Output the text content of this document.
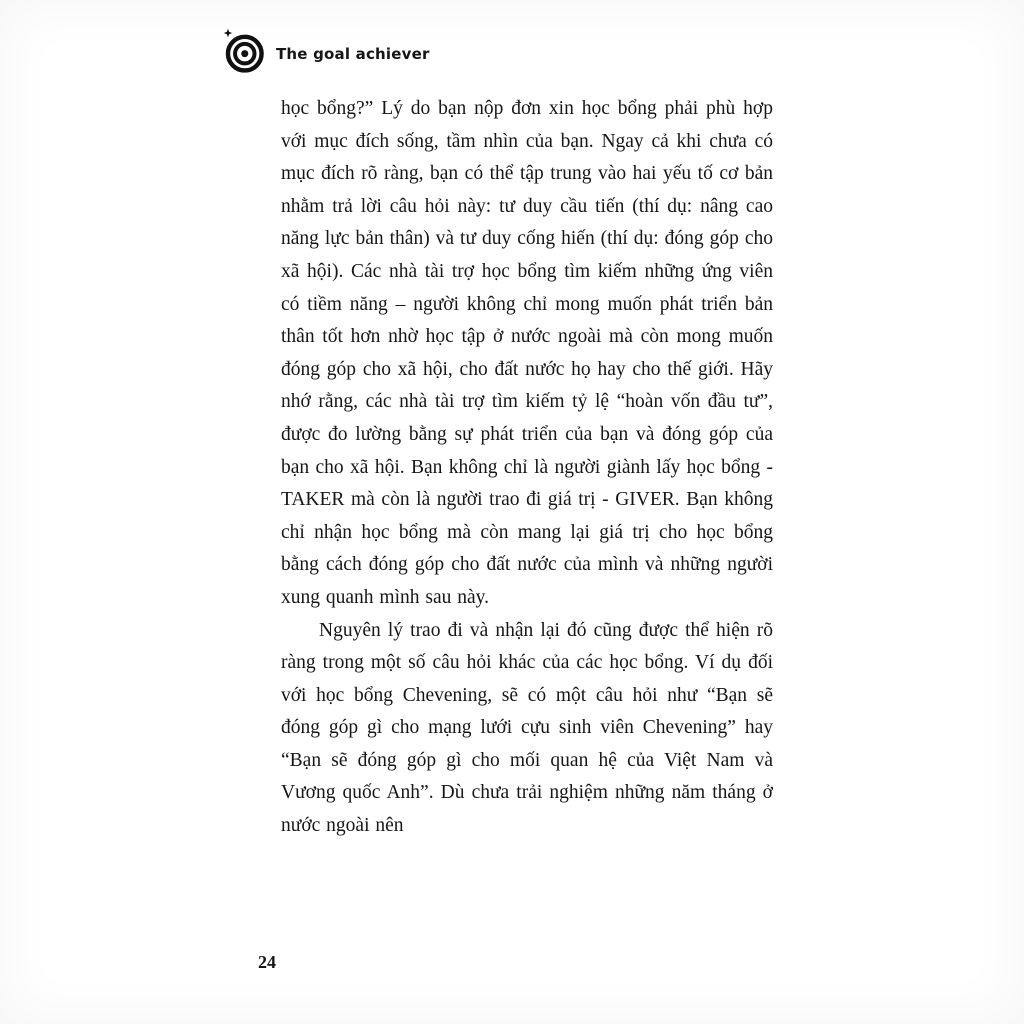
The goal achiever

học bổng?” Lý do bạn nộp đơn xin học bổng phải phù hợp với mục đích sống, tầm nhìn của bạn. Ngay cả khi chưa có mục đích rõ ràng, bạn có thể tập trung vào hai yếu tố cơ bản nhằm trả lời câu hỏi này: tư duy cầu tiến (thí dụ: nâng cao năng lực bản thân) và tư duy cống hiến (thí dụ: đóng góp cho xã hội). Các nhà tài trợ học bổng tìm kiếm những ứng viên có tiềm năng – người không chỉ mong muốn phát triển bản thân tốt hơn nhờ học tập ở nước ngoài mà còn mong muốn đóng góp cho xã hội, cho đất nước họ hay cho thế giới. Hãy nhớ rằng, các nhà tài trợ tìm kiếm tỷ lệ “hoàn vốn đầu tư”, được đo lường bằng sự phát triển của bạn và đóng góp của bạn cho xã hội. Bạn không chỉ là người giành lấy học bổng - TAKER mà còn là người trao đi giá trị - GIVER. Bạn không chỉ nhận học bổng mà còn mang lại giá trị cho học bổng bằng cách đóng góp cho đất nước của mình và những người xung quanh mình sau này.

Nguyên lý trao đi và nhận lại đó cũng được thể hiện rõ ràng trong một số câu hỏi khác của các học bổng. Ví dụ đối với học bổng Chevening, sẽ có một câu hỏi như “Bạn sẽ đóng góp gì cho mạng lưới cựu sinh viên Chevening” hay “Bạn sẽ đóng góp gì cho mối quan hệ của Việt Nam và Vương quốc Anh”. Dù chưa trải nghiệm những năm tháng ở nước ngoài nên

24
